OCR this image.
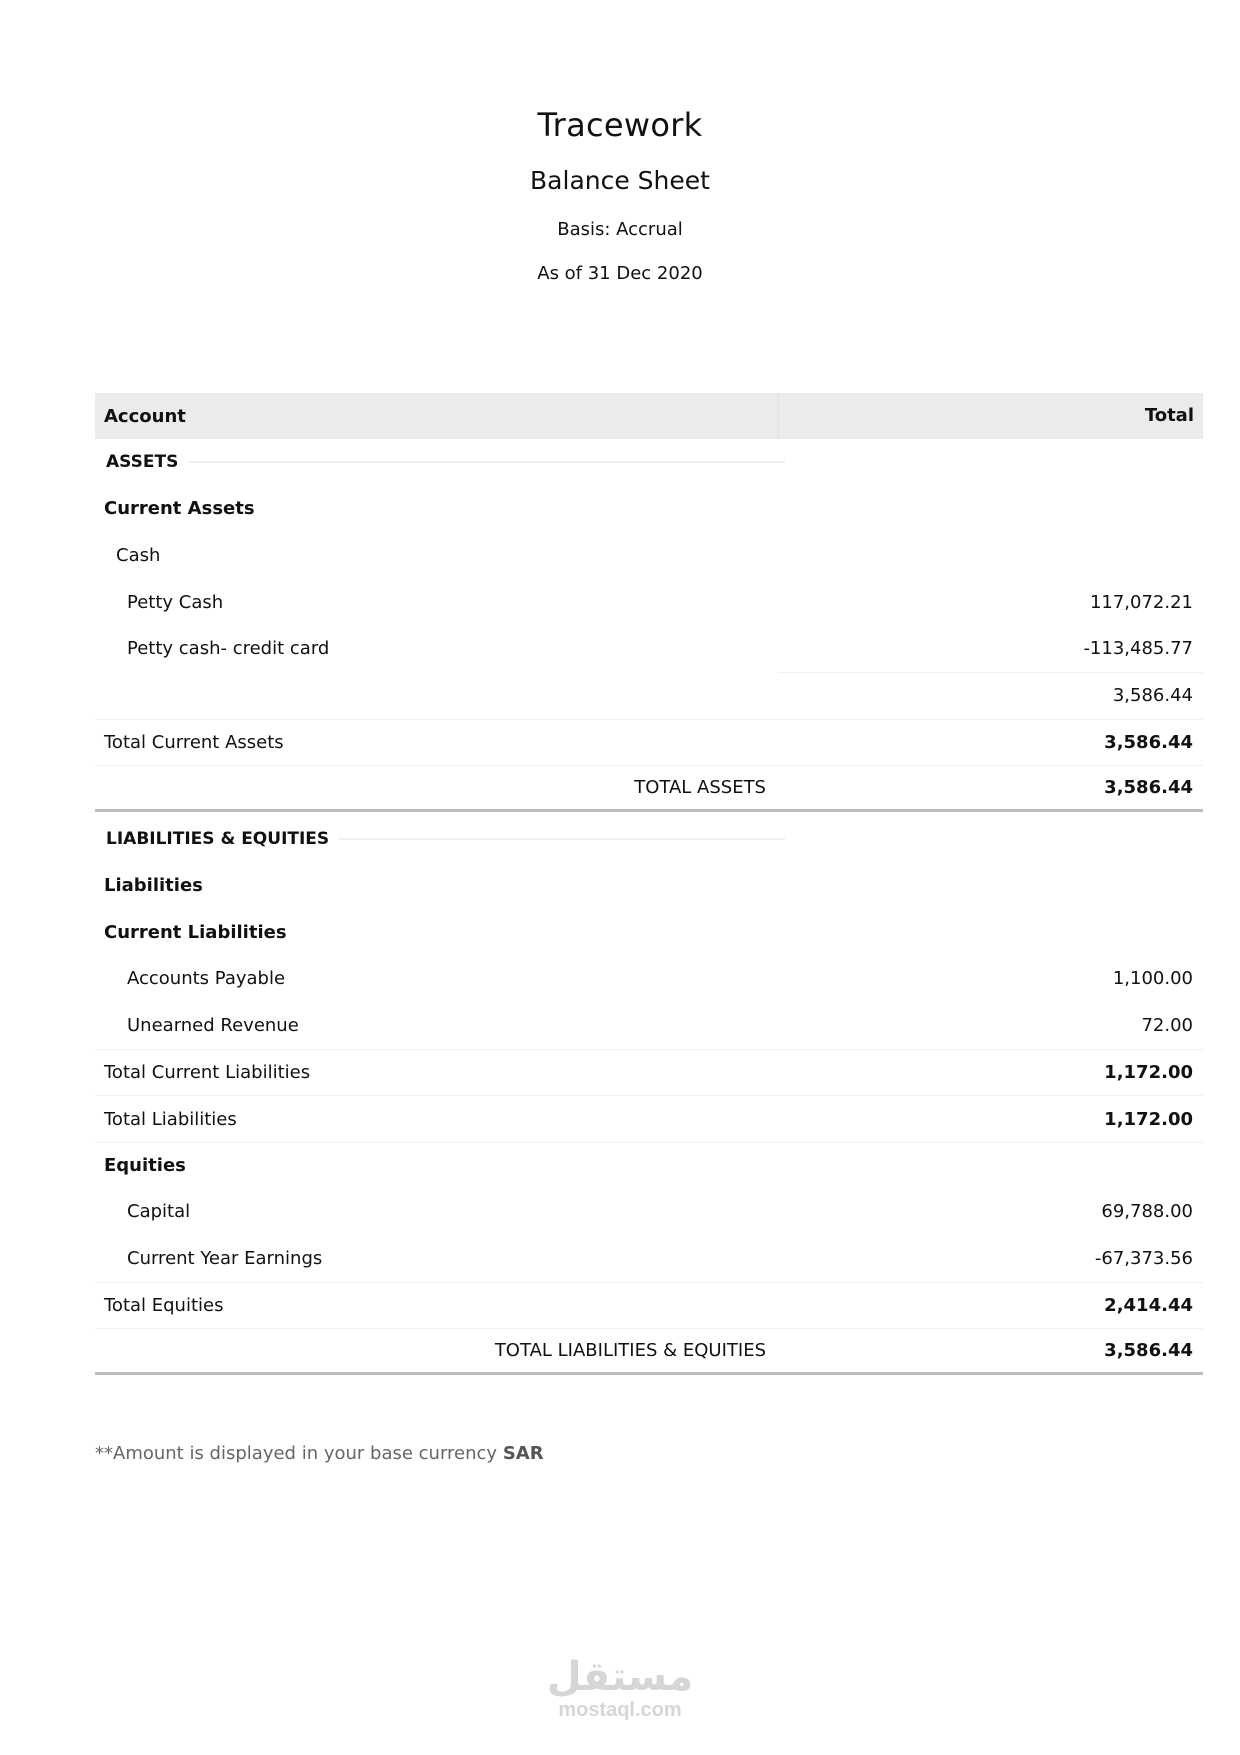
Tracework
Balance Sheet
Basis: Accrual
As of 31 Dec 2020
Account	Total
ASSETS
Current Assets
Cash
Petty Cash	117,072.21
Petty cash- credit card	-113,485.77
3,586.44
Total Current Assets	3,586.44
TOTAL ASSETS	3,586.44
LIABILITIES & EQUITIES
Liabilities
Current Liabilities
Accounts Payable	1,100.00
Unearned Revenue	72.00
Total Current Liabilities	1,172.00
Total Liabilities	1,172.00
Equities
Capital	69,788.00
Current Year Earnings	-67,373.56
Total Equities	2,414.44
TOTAL LIABILITIES & EQUITIES	3,586.44
**Amount is displayed in your base currency SAR
مستقل
mostaql.com
